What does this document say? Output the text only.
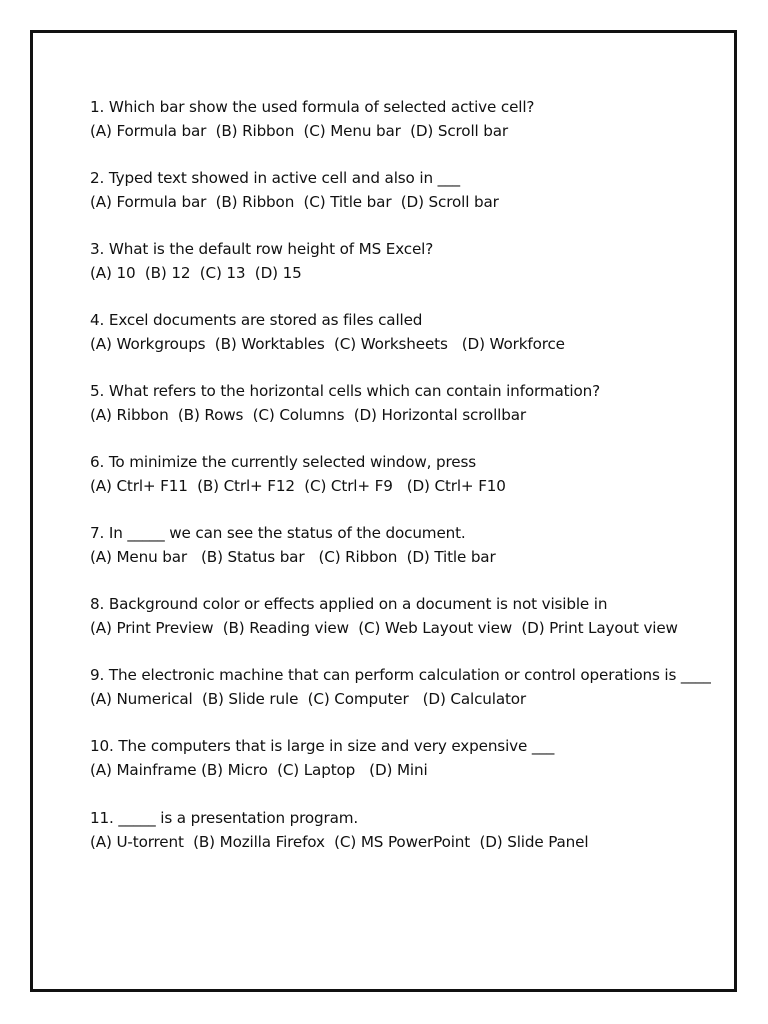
1. Which bar show the used formula of selected active cell?
(A) Formula bar  (B) Ribbon  (C) Menu bar  (D) Scroll bar
2. Typed text showed in active cell and also in ___
(A) Formula bar  (B) Ribbon  (C) Title bar  (D) Scroll bar
3. What is the default row height of MS Excel?
(A) 10  (B) 12  (C) 13  (D) 15
4. Excel documents are stored as files called
(A) Workgroups  (B) Worktables  (C) Worksheets   (D) Workforce
5. What refers to the horizontal cells which can contain information?
(A) Ribbon  (B) Rows  (C) Columns  (D) Horizontal scrollbar
6. To minimize the currently selected window, press
(A) Ctrl+ F11  (B) Ctrl+ F12  (C) Ctrl+ F9   (D) Ctrl+ F10
7. In _____ we can see the status of the document.
(A) Menu bar   (B) Status bar   (C) Ribbon  (D) Title bar
8. Background color or effects applied on a document is not visible in
(A) Print Preview  (B) Reading view  (C) Web Layout view  (D) Print Layout view
9. The electronic machine that can perform calculation or control operations is ____
(A) Numerical  (B) Slide rule  (C) Computer   (D) Calculator
10. The computers that is large in size and very expensive ___
(A) Mainframe (B) Micro  (C) Laptop   (D) Mini
11. _____ is a presentation program.
(A) U-torrent  (B) Mozilla Firefox  (C) MS PowerPoint  (D) Slide Panel
